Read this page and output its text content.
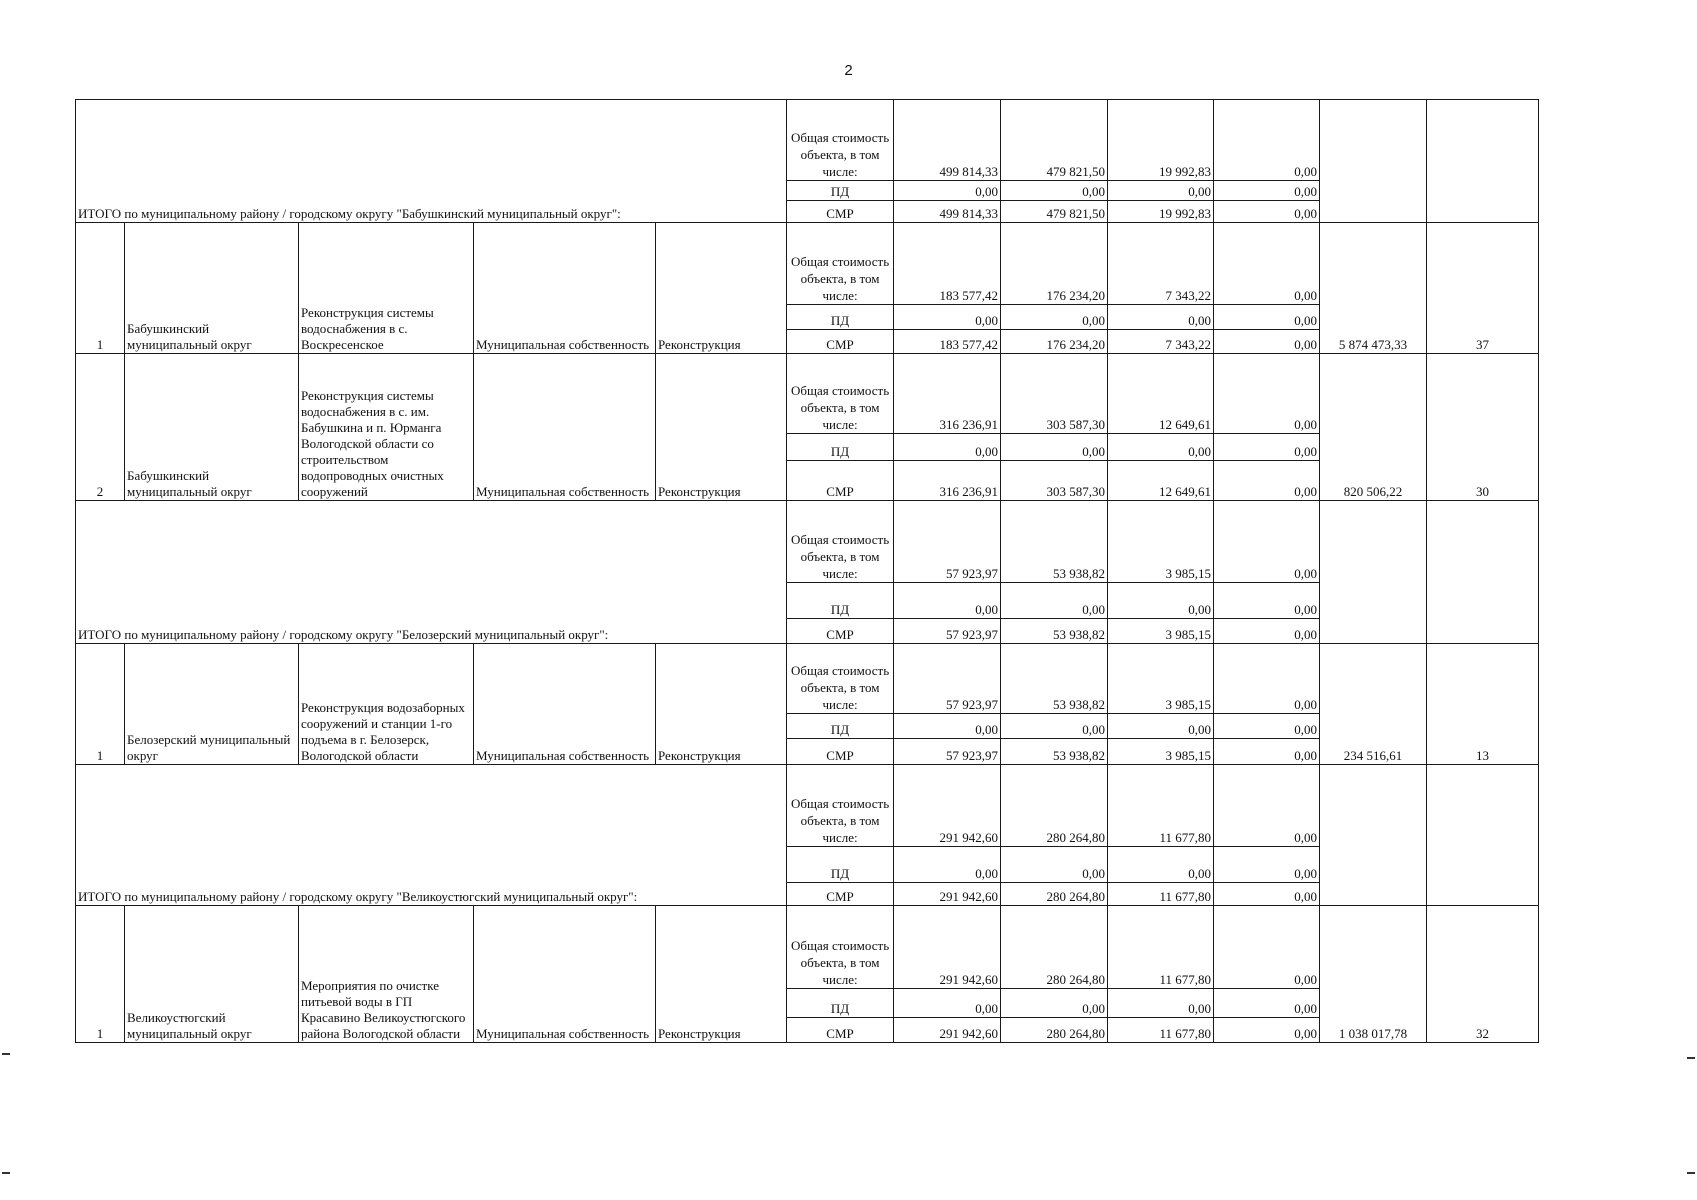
2
ИТОГО по муниципальному району / городскому округу "Бабушкинский муниципальный округ":					Общая стоимость объекта, в том числе:	499 814,33	479 821,50	19 992,83	0,00		
					ПД	0,00	0,00	0,00	0,00		
					СМР	499 814,33	479 821,50	19 992,83	0,00		
1	Бабушкинский муниципальный округ	Реконструкция системы водоснабжения в с. Воскресенское	Муниципальная собственность	Реконструкция	Общая стоимость объекта, в том числе:	183 577,42	176 234,20	7 343,22	0,00	5 874 473,33	37
					ПД	0,00	0,00	0,00	0,00		
					СМР	183 577,42	176 234,20	7 343,22	0,00		
2	Бабушкинский муниципальный округ	Реконструкция системы водоснабжения в с. им. Бабушкина и п. Юрманга Вологодской области со строительством водопроводных очистных сооружений	Муниципальная собственность	Реконструкция	Общая стоимость объекта, в том числе:	316 236,91	303 587,30	12 649,61	0,00	820 506,22	30
					ПД	0,00	0,00	0,00	0,00		
					СМР	316 236,91	303 587,30	12 649,61	0,00		
ИТОГО по муниципальному району / городскому округу "Белозерский муниципальный округ":					Общая стоимость объекта, в том числе:	57 923,97	53 938,82	3 985,15	0,00		
					ПД	0,00	0,00	0,00	0,00		
					СМР	57 923,97	53 938,82	3 985,15	0,00		
1	Белозерский муниципальный округ	Реконструкция водозаборных сооружений и станции 1-го подъема в г. Белозерск, Вологодской области	Муниципальная собственность	Реконструкция	Общая стоимость объекта, в том числе:	57 923,97	53 938,82	3 985,15	0,00	234 516,61	13
					ПД	0,00	0,00	0,00	0,00		
					СМР	57 923,97	53 938,82	3 985,15	0,00		
ИТОГО по муниципальному району / городскому округу "Великоустюгский муниципальный округ":					Общая стоимость объекта, в том числе:	291 942,60	280 264,80	11 677,80	0,00		
					ПД	0,00	0,00	0,00	0,00		
					СМР	291 942,60	280 264,80	11 677,80	0,00		
1	Великоустюгский муниципальный округ	Мероприятия по очистке питьевой воды в ГП Красавино Великоустюгского района Вологодской области	Муниципальная собственность	Реконструкция	Общая стоимость объекта, в том числе:	291 942,60	280 264,80	11 677,80	0,00	1 038 017,78	32
					ПД	0,00	0,00	0,00	0,00		
					СМР	291 942,60	280 264,80	11 677,80	0,00		
